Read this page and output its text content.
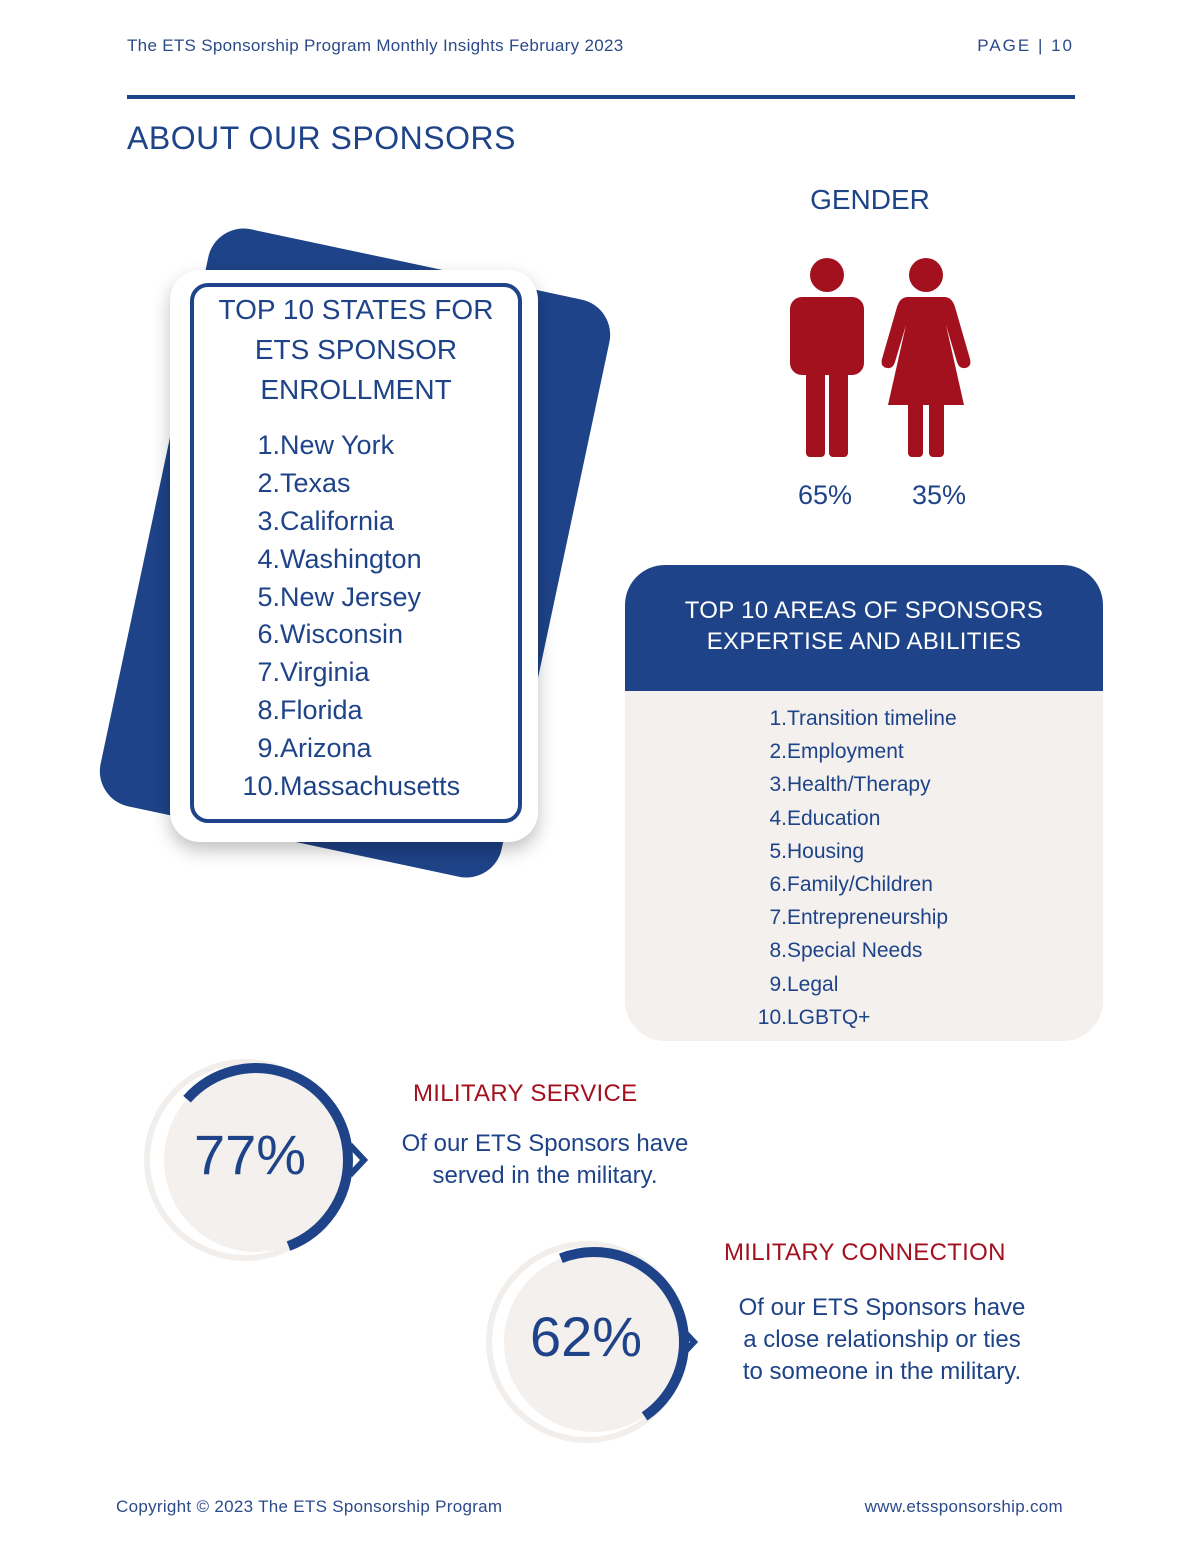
The ETS Sponsorship Program Monthly Insights February 2023	PAGE | 10
ABOUT OUR SPONSORS
TOP 10 STATES FOR
ETS SPONSOR
ENROLLMENT
1.New York
2.Texas
3.California
4.Washington
5.New Jersey
6.Wisconsin
7.Virginia
8.Florida
9.Arizona
10.Massachusetts
GENDER
65% 35%
TOP 10 AREAS OF SPONSORS
EXPERTISE AND ABILITIES
1.Transition timeline
2.Employment
3.Health/Therapy
4.Education
5.Housing
6.Family/Children
7.Entrepreneurship
8.Special Needs
9.Legal
10.LGBTQ+
77%
MILITARY SERVICE
Of our ETS Sponsors have
served in the military.
62%
MILITARY CONNECTION
Of our ETS Sponsors have
a close relationship or ties
to someone in the military.
Copyright © 2023 The ETS Sponsorship Program	www.etssponsorship.com
